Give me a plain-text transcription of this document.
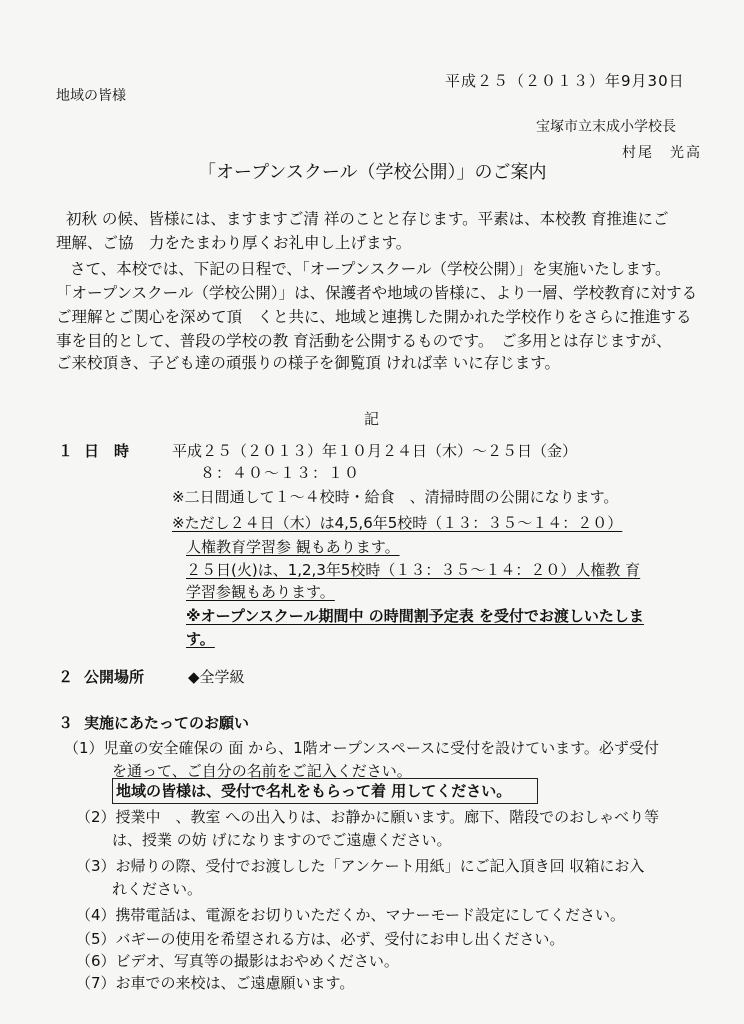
平成２５（２０１３）年9月30日
地域の皆様
宝塚市立末成小学校長
村尾　光高
「オープンスクール（学校公開）」のご案内
初秋 の候、皆様には、ますますご清 祥のことと存じます。平素は、本校教 育推進にご
理解、ご協　力をたまわり厚くお礼申し上げます。
さて、本校では、下記の日程で、「オープンスクール（学校公開）」を実施いたします。
「オープンスクール（学校公開）」は、保護者や地域の皆様に、より一層、学校教育に対する
ご理解とご関心を深めて頂　くと共に、地域と連携した開かれた学校作りをさらに推進する
事を目的として、普段の学校の教 育活動を公開するものです。　ご多用とは存じますが、
ご来校頂き、子ども達の頑張りの様子を御覧頂 ければ幸 いに存じます。
記
１ 日　時	平成２５（２０１３）年１０月２４日（木）～２５日（金）
８：４０～１３：１０
※二日間通して１～４校時・給食　、清掃時間の公開になります。
※ただし２４日（木）は4,5,6年5校時（１３：３５～１４：２０）
人権教育学習参 観もあります。
２５日(火)は、1,2,3年5校時（１３：３５～１４：２０）人権教 育
学習参観もあります。
※オープンスクール期間中 の時間割予定表 を受付でお渡しいたしま
す。
２ 公開場所	◆全学級
３ 実施にあたってのお願い
（1）児童の安全確保の 面 から、1階オープンスペースに受付を設けています。必ず受付
を通って、ご自分の名前をご記入ください。
地域の皆様は、受付で名札をもらって着 用してください。
（2）授業中　、教室 への出入りは、お静かに願います。廊下、階段でのおしゃべり等
は、授業 の妨 げになりますのでご遠慮ください。
（3）お帰りの際、受付でお渡しした「アンケート用紙」にご記入頂き回 収箱にお入
れください。
（4）携帯電話は、電源をお切りいただくか、マナーモード設定にしてください。
（5）バギーの使用を希望される方は、必ず、受付にお申し出ください。
（6）ビデオ、写真等の撮影はおやめください。
（7）お車での来校は、ご遠慮願います。
